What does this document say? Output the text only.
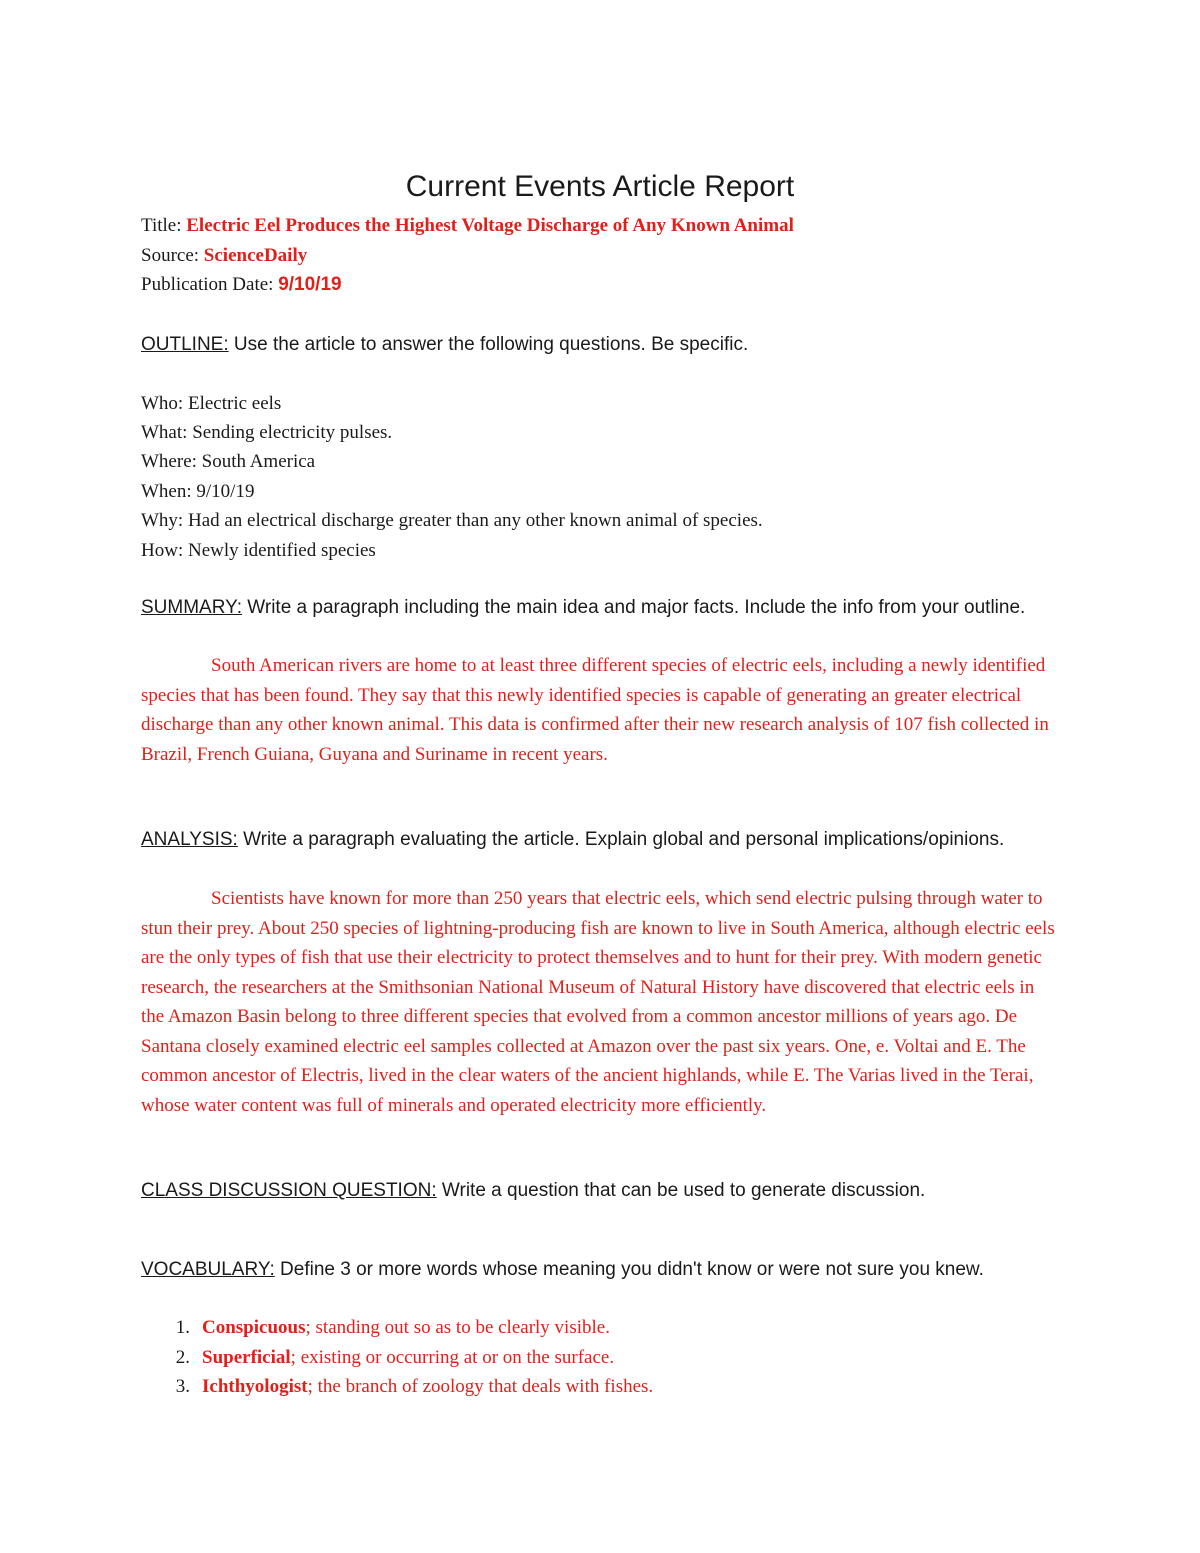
Current Events Article Report
Title: Electric Eel Produces the Highest Voltage Discharge of Any Known Animal
Source: ScienceDaily
Publication Date: 9/10/19
OUTLINE: Use the article to answer the following questions. Be specific.
Who: Electric eels
What: Sending electricity pulses.
Where: South America
When: 9/10/19
Why: Had an electrical discharge greater than any other known animal of species.
How: Newly identified species
SUMMARY: Write a paragraph including the main idea and major facts. Include the info from your outline.
South American rivers are home to at least three different species of electric eels, including a newly identified species that has been found. They say that this newly identified species is capable of generating an greater electrical discharge than any other known animal. This data is confirmed after their new research analysis of 107 fish collected in Brazil, French Guiana, Guyana and Suriname in recent years.
ANALYSIS: Write a paragraph evaluating the article. Explain global and personal implications/opinions.
Scientists have known for more than 250 years that electric eels, which send electric pulsing through water to stun their prey. About 250 species of lightning-producing fish are known to live in South America, although electric eels are the only types of fish that use their electricity to protect themselves and to hunt for their prey. With modern genetic research, the researchers at the Smithsonian National Museum of Natural History have discovered that electric eels in the Amazon Basin belong to three different species that evolved from a common ancestor millions of years ago. De Santana closely examined electric eel samples collected at Amazon over the past six years. One, e. Voltai and E. The common ancestor of Electris, lived in the clear waters of the ancient highlands, while E. The Varias lived in the Terai, whose water content was full of minerals and operated electricity more efficiently.
CLASS DISCUSSION QUESTION: Write a question that can be used to generate discussion.
VOCABULARY: Define 3 or more words whose meaning you didn't know or were not sure you knew.
1. Conspicuous; standing out so as to be clearly visible.
2. Superficial; existing or occurring at or on the surface.
3. Ichthyologist; the branch of zoology that deals with fishes.
